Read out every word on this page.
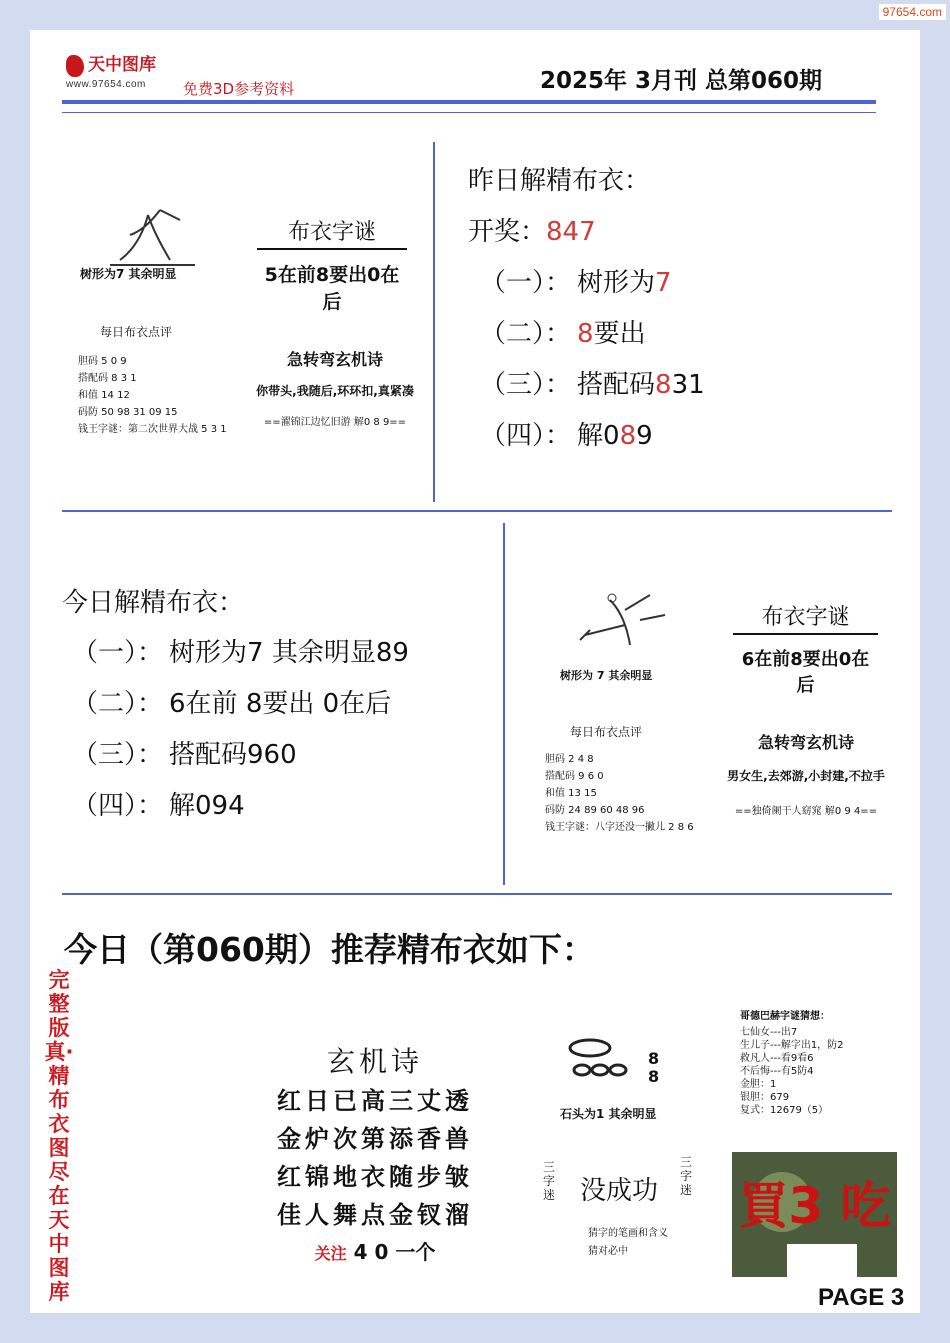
97654.com
天中图库
www.97654.com	免费3D参考资料	2025年 3月刊 总第060期
树形为7 其余明显
每日布衣点评
胆码 5 0 9
搭配码 8 3 1
和值 14 12
码防 50 98 31 09 15
钱王字谜：第二次世界大战 5 3 1
布衣字谜
5在前8要出0在后
急转弯玄机诗
你带头,我随后,环环扣,真紧凑
==濯锦江边忆旧游 解0 8 9==
昨日解精布衣：
开奖：847
（一）： 树形为7
（二）： 8要出
（三）： 搭配码831
（四）： 解089
今日解精布衣：
（一）： 树形为7 其余明显89
（二）： 6在前 8要出 0在后
（三）： 搭配码960
（四）： 解094
树形为 7 其余明显
每日布衣点评
胆码 2 4 8
搭配码 9 6 0
和值 13 15
码防 24 89 60 48 96
钱王字谜：八字还没一撇儿 2 8 6
布衣字谜
6在前8要出0在后
急转弯玄机诗
男女生,去郊游,小封建,不拉手
==独倚阑干人窈窕 解0 9 4==
今日（第060期）推荐精布衣如下：
完整版真·精布衣图尽在天中图库
玄机诗
红日已高三丈透
金炉次第添香兽
红锦地衣随步皱
佳人舞点金钗溜
关注 4 0 一个
8 8
石头为1 其余明显
三字迷 没成功
三字迷
猜字的笔画和含义
猜对必中
哥德巴赫字谜猜想：
七仙女---出7
生儿子---解字出1，防2
救凡人---看9看6
不后悔---有5防4
金胆：1
银胆：679
复式：12679（5）
買3 吃
PAGE 3
